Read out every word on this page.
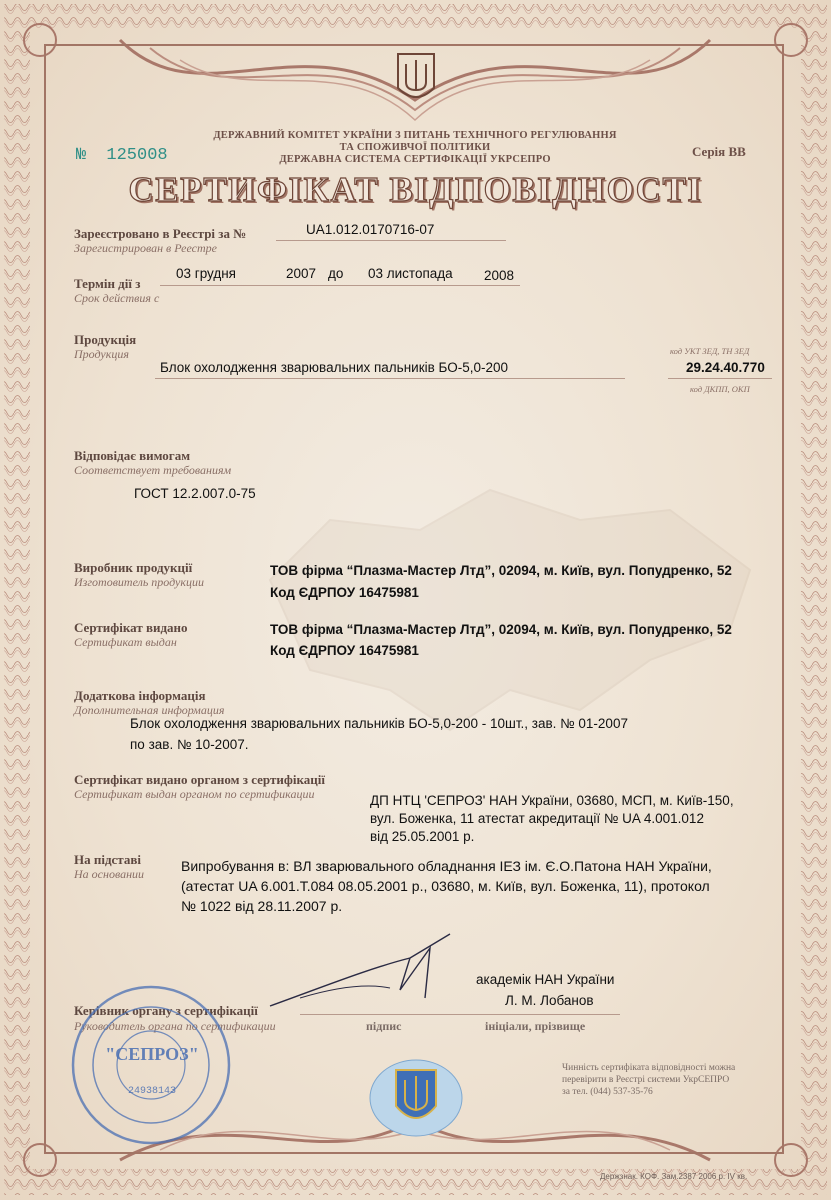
ДЕРЖАВНИЙ КОМІТЕТ УКРАЇНИ З ПИТАНЬ ТЕХНІЧНОГО РЕГУЛЮВАННЯ
ТА СПОЖИВЧОЇ ПОЛІТИКИ
ДЕРЖАВНА СИСТЕМА СЕРТИФІКАЦІЇ УКРСЕПРО
№ 125008	Серія ВВ
СЕРТИФІКАТ ВІДПОВІДНОСТІ
Зареєстровано в Реєстрі за №
Зарегистрирован в Реестре
UA1.012.0170716-07
Термін дії з
Срок действия с
03 грудня	2007 до 03 листопада 2008
Продукція
Продукция
Блок охолодження зварювальних пальників БО-5,0-200
код УКТ ЗЕД, ТН ЗЕД
29.24.40.770
код ДКПП, ОКП
Відповідає вимогам
Соответствует требованиям
ГОСТ 12.2.007.0-75
Виробник продукції
Изготовитель продукции
ТОВ фірма “Плазма-Мастер Лтд”, 02094, м. Київ, вул. Попудренко, 52
Код ЄДРПОУ 16475981
Сертифікат видано
Сертификат выдан
ТОВ фірма “Плазма-Мастер Лтд”, 02094, м. Київ, вул. Попудренко, 52
Код ЄДРПОУ 16475981
Додаткова інформація
Дополнительная информация
Блок охолодження зварювальних пальників БО-5,0-200 - 10шт., зав. № 01-2007
по зав. № 10-2007.
Сертифікат видано органом з сертифікації
Сертификат выдан органом по сертификации	ДП НТЦ 'СЕПРОЗ' НАН України, 03680, МСП, м. Київ-150,
вул. Боженка, 11 атестат акредитації № UA 4.001.012
від 25.05.2001 р.
На підставі
На основании	Випробування в: ВЛ зварювального обладнання ІЕЗ ім. Є.О.Патона НАН України,
(атестат UA 6.001.Т.084 08.05.2001 р., 03680, м. Київ, вул. Боженка, 11), протокол
№ 1022 від 28.11.2007 р.
академік НАН України
Л. М. Лобанов
Керівник органу з сертифікації
Руководитель органа по сертификации	підпис	ініціали, прізвище
"СЕПРОЗ"
24938143
Чинність сертифіката відповідності можна
перевірити в Реєстрі системи УкрСЕПРО
за тел. (044) 537-35-76
Держзнак. КОФ. Зам.2387 2006 р. IV кв.
